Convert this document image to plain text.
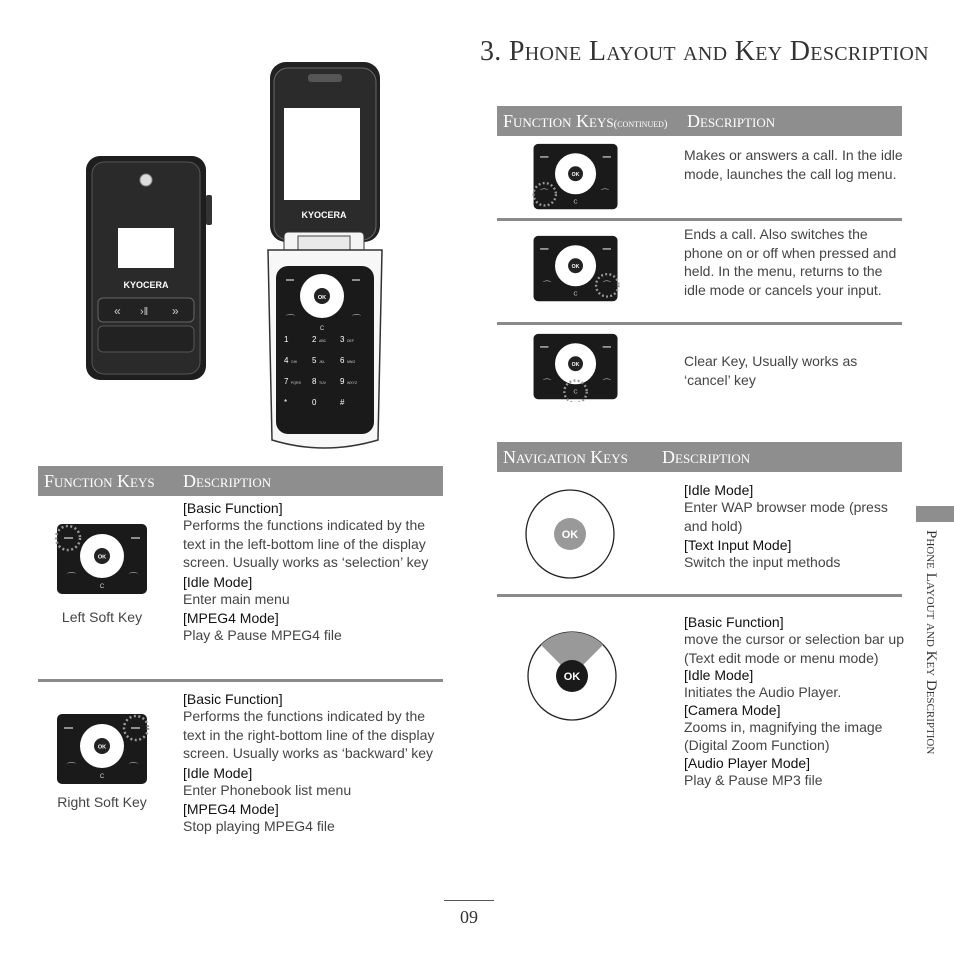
3. Phone Layout and Key Description
KYOCERA
« ›‖ »
KYOCERA
OK
⌒	⌒
C
1	2 ABC 3 DEF
4 GHI 5 JKL 6 MNO
7 PQRS 8 TUV 9 WXYZ
*	0	#
Function Keys Description
OK
⌒	⌒
C
Left Soft Key
[Basic Function]
Performs the functions indicated by the text in the left-bottom line of the display screen. Usually works as ‘selection’ key
[Idle Mode]
Enter main menu
[MPEG4 Mode]
Play & Pause MPEG4 file
OK
⌒	⌒
C
Right Soft Key
[Basic Function]
Performs the functions indicated by the text in the right-bottom line of the display screen. Usually works as ‘backward’ key
[Idle Mode]
Enter Phonebook list menu
[MPEG4 Mode]
Stop playing MPEG4 file
Function Keys(continued) Description
OK
⌒	⌒
C
Makes or answers a call. In the idle mode, launches the call log menu.
OK
⌒	⌒
C
Ends a call. Also switches the phone on or off when pressed and held. In the menu, returns to the idle mode or cancels your input.
OK
⌒	⌒
C
Clear Key, Usually works as ‘cancel’ key
Navigation Keys Description
OK
[Idle Mode]
Enter WAP browser mode (press and hold)
[Text Input Mode]
Switch the input methods
OK
[Basic Function]
move the cursor or selection bar up (Text edit mode or menu mode)
[Idle Mode]
Initiates the Audio Player.
[Camera Mode]
Zooms in, magnifying the image (Digital Zoom Function)
[Audio Player Mode]
Play & Pause MP3 file
Phone Layout and Key Description
09
